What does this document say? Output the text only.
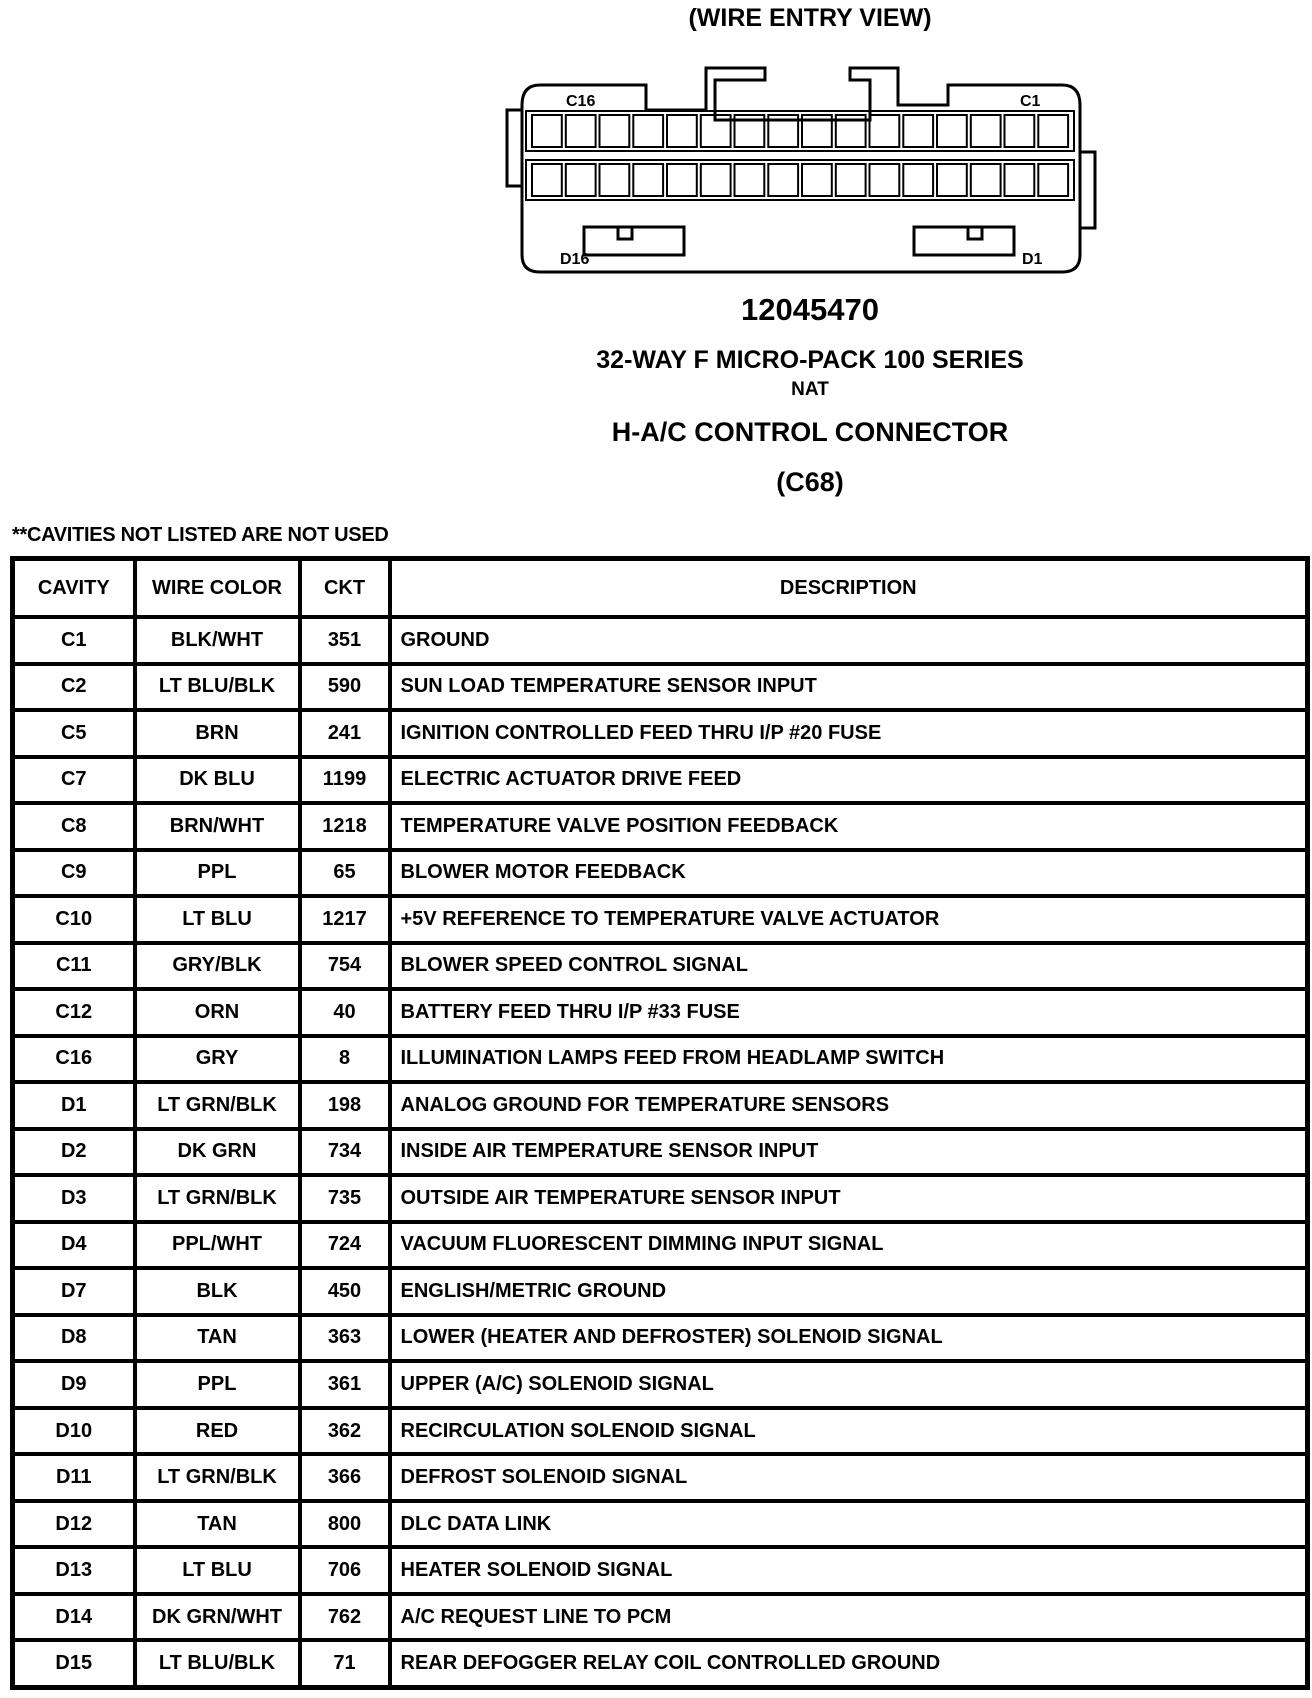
(WIRE ENTRY VIEW)
C16	C1
D16	D1
12045470
32-WAY F MICRO-PACK 100 SERIES
NAT
H-A/C CONTROL CONNECTOR
(C68)
**CAVITIES NOT LISTED ARE NOT USED
CAVITY	WIRE COLOR	CKT	DESCRIPTION
C1	BLK/WHT	351	GROUND
C2	LT BLU/BLK	590	SUN LOAD TEMPERATURE SENSOR INPUT
C5	BRN	241	IGNITION CONTROLLED FEED THRU I/P #20 FUSE
C7	DK BLU	1199	ELECTRIC ACTUATOR DRIVE FEED
C8	BRN/WHT	1218	TEMPERATURE VALVE POSITION FEEDBACK
C9	PPL	65	BLOWER MOTOR FEEDBACK
C10	LT BLU	1217	+5V REFERENCE TO TEMPERATURE VALVE ACTUATOR
C11	GRY/BLK	754	BLOWER SPEED CONTROL SIGNAL
C12	ORN	40	BATTERY FEED THRU I/P #33 FUSE
C16	GRY	8	ILLUMINATION LAMPS FEED FROM HEADLAMP SWITCH
D1	LT GRN/BLK	198	ANALOG GROUND FOR TEMPERATURE SENSORS
D2	DK GRN	734	INSIDE AIR TEMPERATURE SENSOR INPUT
D3	LT GRN/BLK	735	OUTSIDE AIR TEMPERATURE SENSOR INPUT
D4	PPL/WHT	724	VACUUM FLUORESCENT DIMMING INPUT SIGNAL
D7	BLK	450	ENGLISH/METRIC GROUND
D8	TAN	363	LOWER (HEATER AND DEFROSTER) SOLENOID SIGNAL
D9	PPL	361	UPPER (A/C) SOLENOID SIGNAL
D10	RED	362	RECIRCULATION SOLENOID SIGNAL
D11	LT GRN/BLK	366	DEFROST SOLENOID SIGNAL
D12	TAN	800	DLC DATA LINK
D13	LT BLU	706	HEATER SOLENOID SIGNAL
D14	DK GRN/WHT	762	A/C REQUEST LINE TO PCM
D15	LT BLU/BLK	71	REAR DEFOGGER RELAY COIL CONTROLLED GROUND
